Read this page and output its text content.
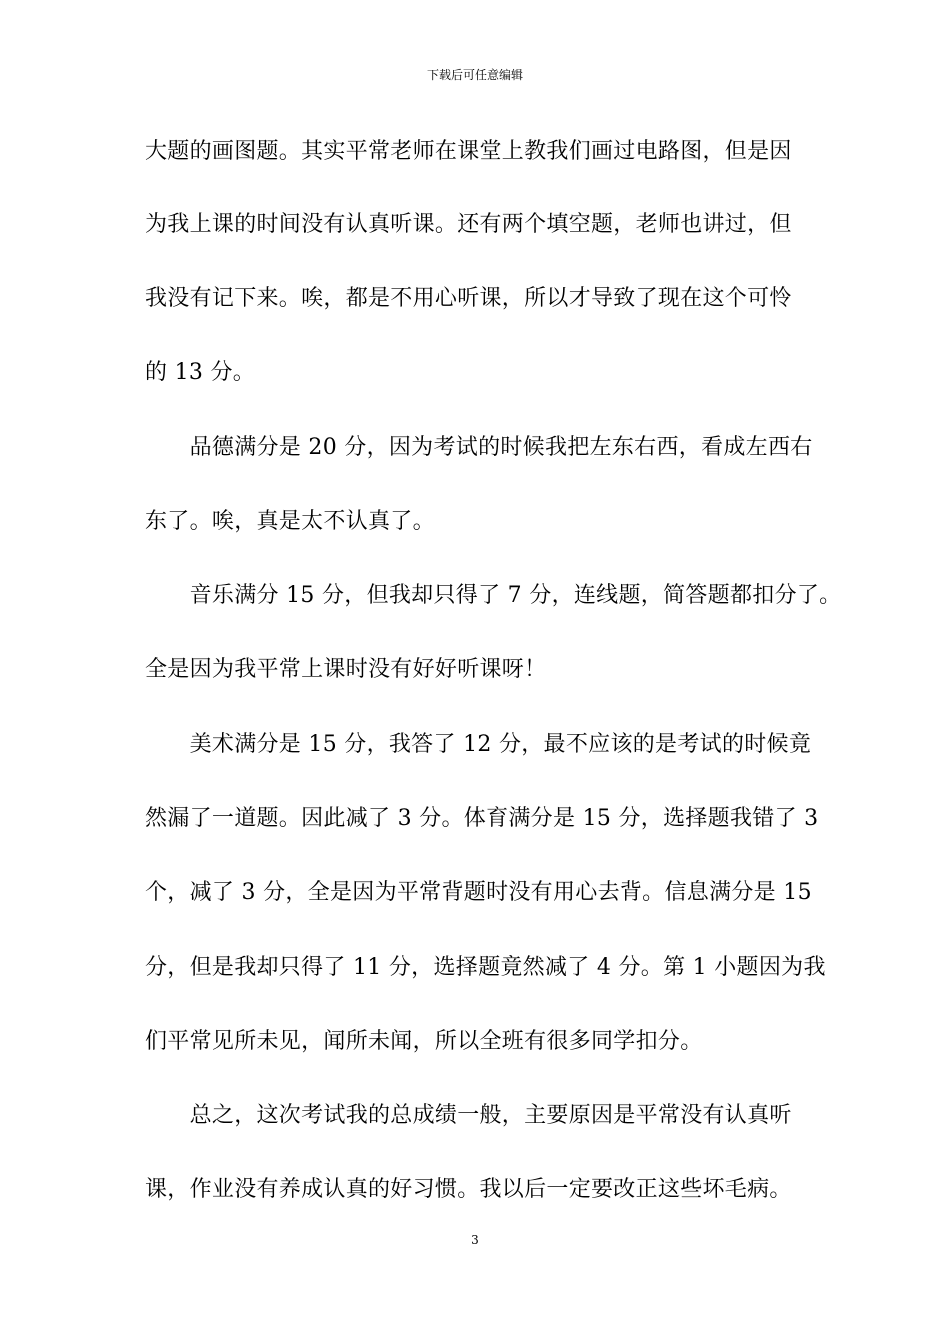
下载后可任意编辑
大题的画图题。其实平常老师在课堂上教我们画过电路图，但是因
为我上课的时间没有认真听课。还有两个填空题，老师也讲过，但
我没有记下来。唉，都是不用心听课，所以才导致了现在这个可怜
的 13 分。
　　品德满分是 20 分，因为考试的时候我把左东右西，看成左西右
东了。唉，真是太不认真了。
　　音乐满分 15 分，但我却只得了 7 分，连线题，简答题都扣分了。
全是因为我平常上课时没有好好听课呀！
　　美术满分是 15 分，我答了 12 分，最不应该的是考试的时候竟
然漏了一道题。因此减了 3 分。体育满分是 15 分，选择题我错了 3
个，减了 3 分，全是因为平常背题时没有用心去背。信息满分是 15
分，但是我却只得了 11 分，选择题竟然减了 4 分。第 1 小题因为我
们平常见所未见，闻所未闻，所以全班有很多同学扣分。
　　总之，这次考试我的总成绩一般，主要原因是平常没有认真听
课，作业没有养成认真的好习惯。我以后一定要改正这些坏毛病。
3
